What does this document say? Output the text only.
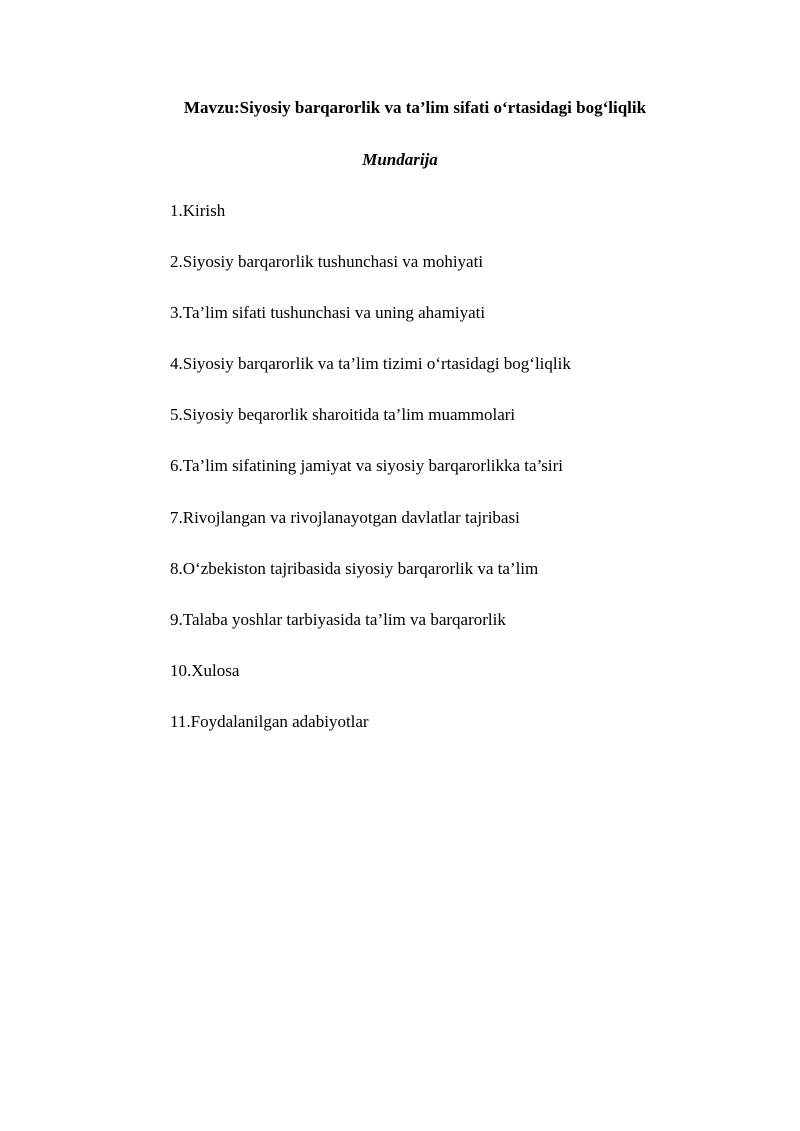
Mavzu:Siyosiy barqarorlik va ta’lim sifati o‘rtasidagi bog‘liqlik
Mundarija
1.Kirish
2.Siyosiy barqarorlik tushunchasi va mohiyati
3.Ta’lim sifati tushunchasi va uning ahamiyati
4.Siyosiy barqarorlik va ta’lim tizimi o‘rtasidagi bog‘liqlik
5.Siyosiy beqarorlik sharoitida ta’lim muammolari
6.Ta’lim sifatining jamiyat va siyosiy barqarorlikka ta’siri
7.Rivojlangan va rivojlanayotgan davlatlar tajribasi
8.O‘zbekiston tajribasida siyosiy barqarorlik va ta’lim
9.Talaba yoshlar tarbiyasida ta’lim va barqarorlik
10.Xulosa
11.Foydalanilgan adabiyotlar
